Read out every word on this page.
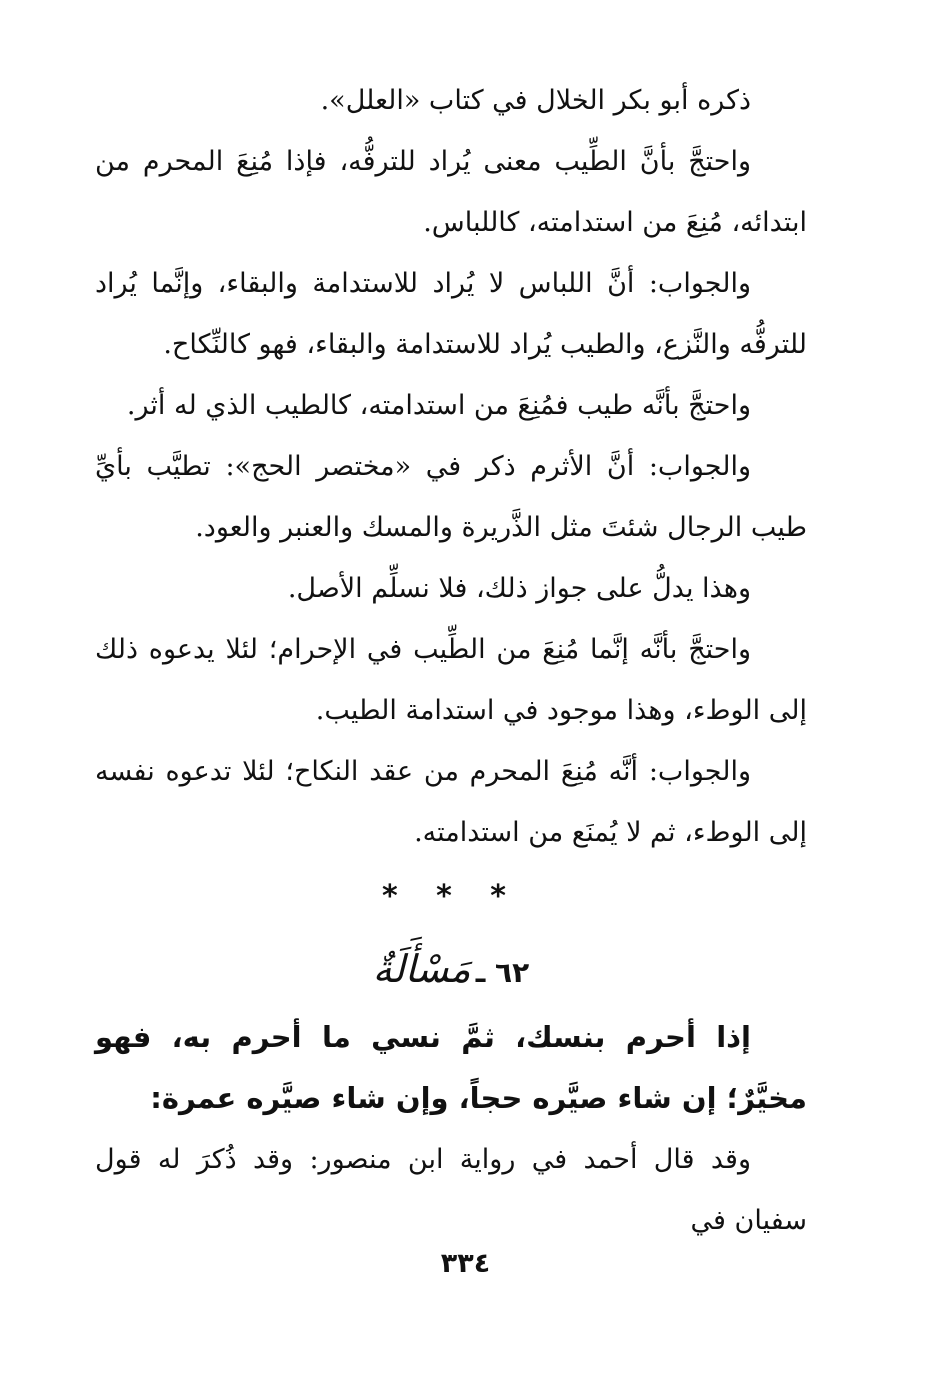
ذكره أبو بكر الخلال في كتاب «العلل».

واحتجَّ بأنَّ الطِّيب معنى يُراد للترفُّه، فإذا مُنِعَ المحرم من ابتدائه، مُنِعَ من استدامته، كاللباس.

والجواب: أنَّ اللباس لا يُراد للاستدامة والبقاء، وإنَّما يُراد للترفُّه والنَّزع، والطيب يُراد للاستدامة والبقاء، فهو كالنِّكاح.

واحتجَّ بأنَّه طيب فمُنِعَ من استدامته، كالطيب الذي له أثر.

والجواب: أنَّ الأثرم ذكر في «مختصر الحج»: تطيَّب بأيِّ طيب الرجال شئتَ مثل الذَّريرة والمسك والعنبر والعود.

وهذا يدلُّ على جواز ذلك، فلا نسلِّم الأصل.

واحتجَّ بأنَّه إنَّما مُنِعَ من الطِّيب في الإحرام؛ لئلا يدعوه ذلك إلى الوطء، وهذا موجود في استدامة الطيب.

والجواب: أنَّه مُنِعَ المحرم من عقد النكاح؛ لئلا تدعوه نفسه إلى الوطء، ثم لا يُمنَع من استدامته.

* * *
٦٢ ـ مَسْأَلَةٌ

إذا أحرم بنسك، ثمَّ نسي ما أحرم به، فهو مخيَّرٌ؛ إن شاء صيَّره حجاً، وإن شاء صيَّره عمرة:

وقد قال أحمد في رواية ابن منصور: وقد ذُكرَ له قول سفيان في

٣٣٤
